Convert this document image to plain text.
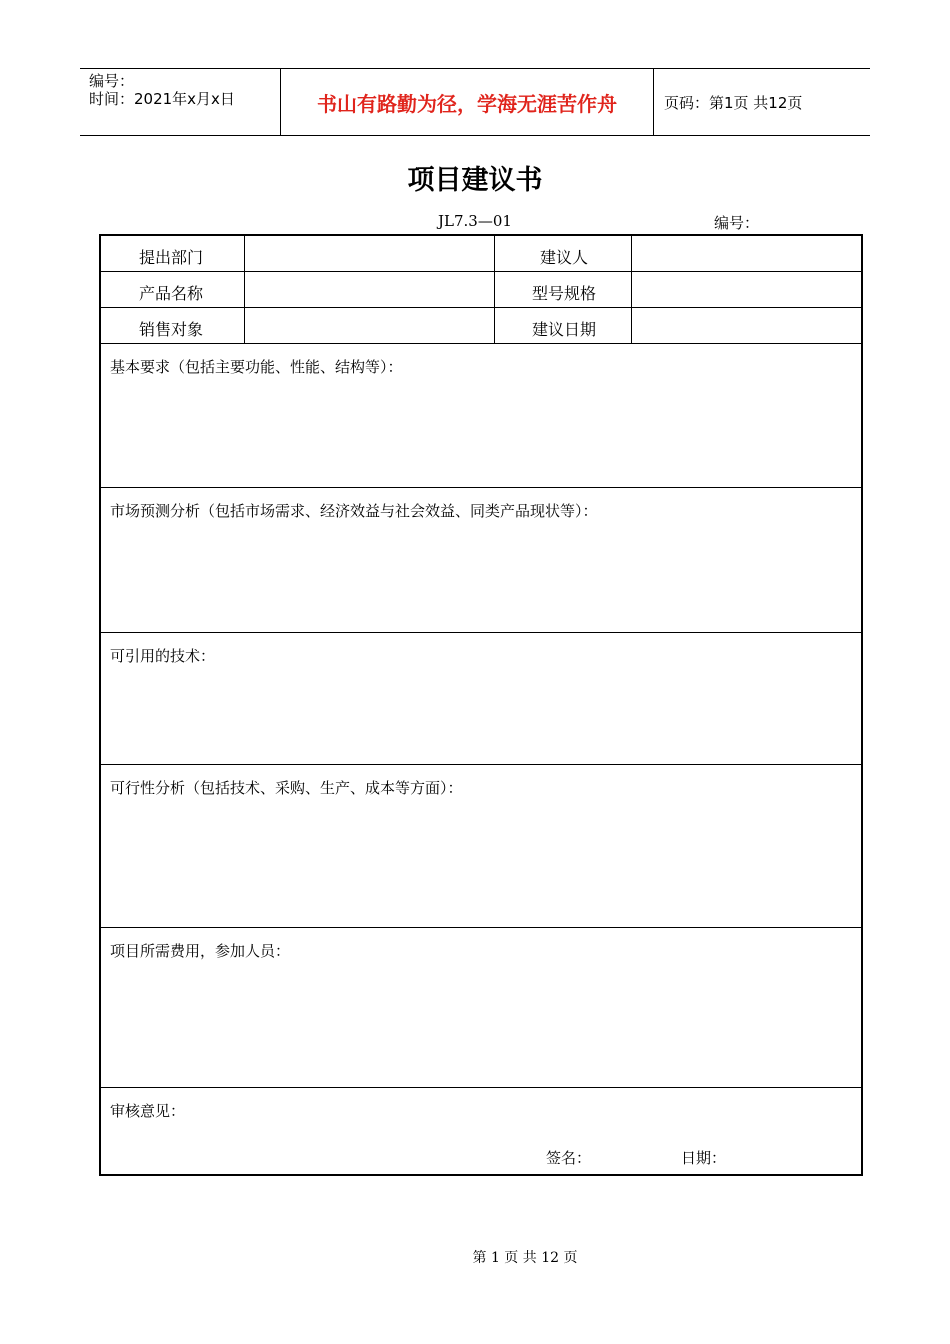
编号：
时间：2021年x月x日	书山有路勤为径，学海无涯苦作舟	页码：第1页 共12页
项目建议书
JL7.3—01	编号：
提出部门	建议人
产品名称	型号规格
销售对象	建议日期
基本要求（包括主要功能、性能、结构等）：
市场预测分析（包括市场需求、经济效益与社会效益、同类产品现状等）：
可引用的技术：
可行性分析（包括技术、采购、生产、成本等方面）：
项目所需费用，参加人员：
审核意见：
签名：	日期：
第 1 页 共 12 页
